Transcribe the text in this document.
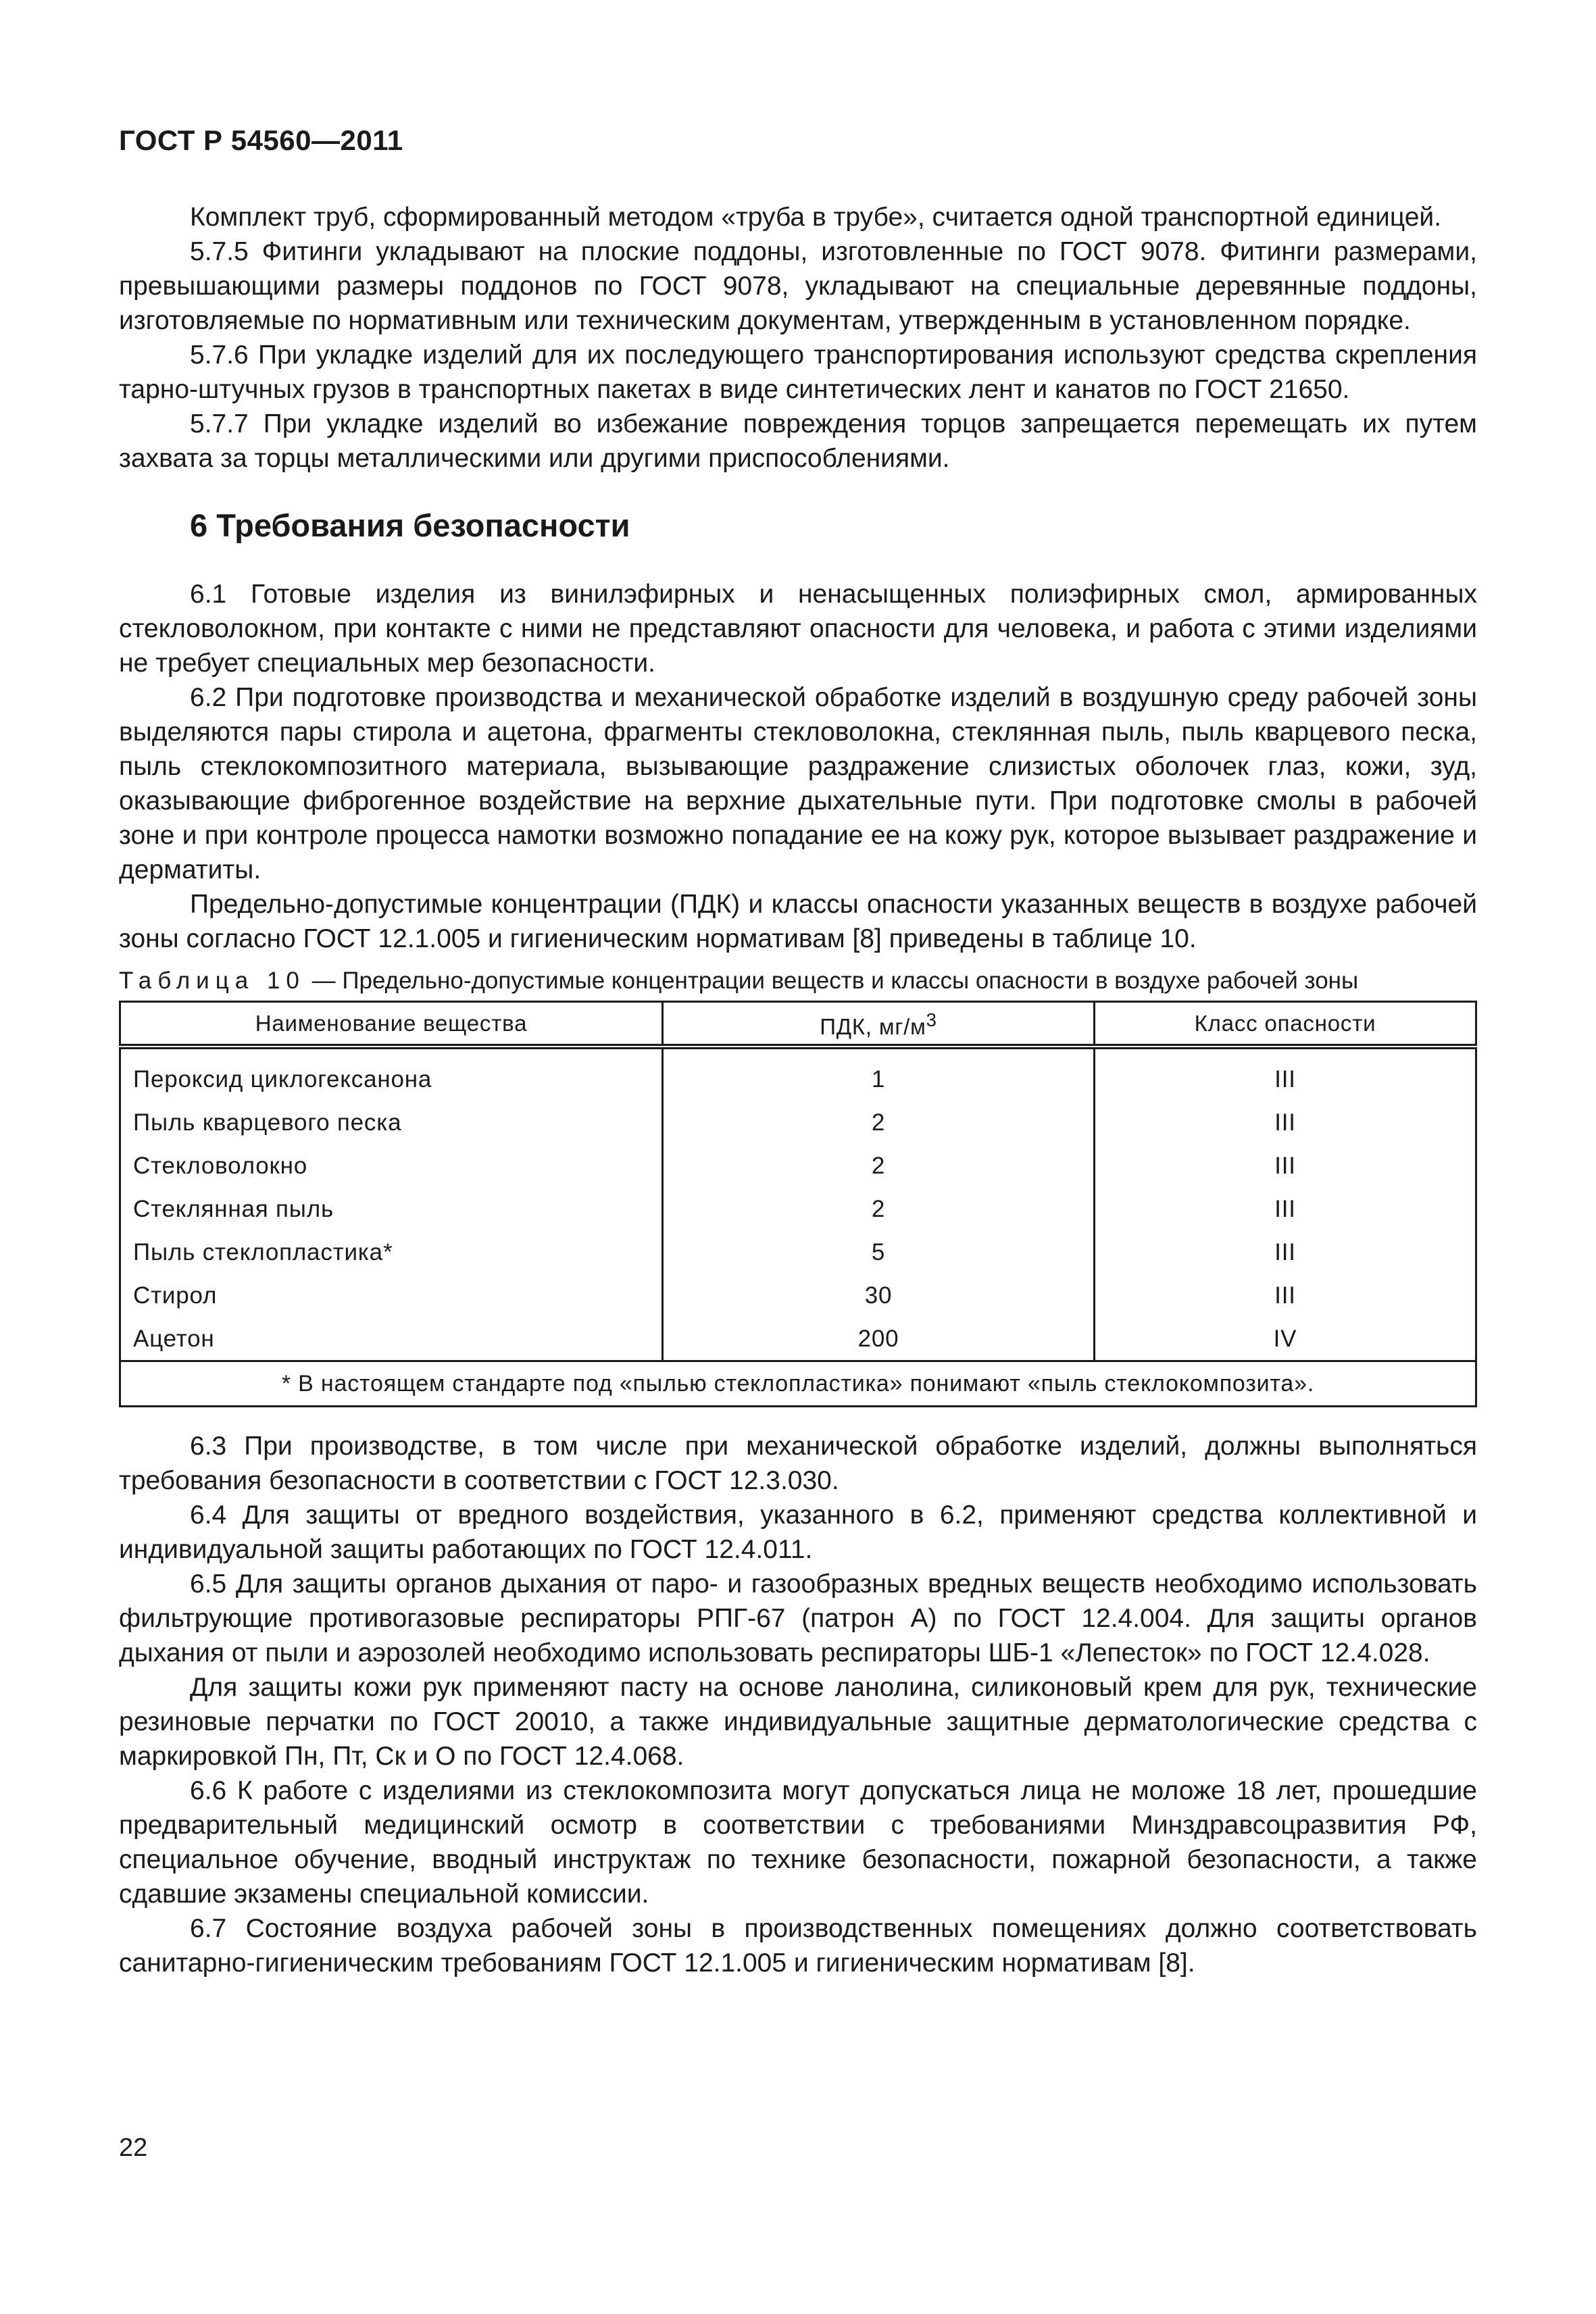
ГОСТ Р 54560—2011

Комплект труб, сформированный методом «труба в трубе», считается одной транспортной единицей.

5.7.5 Фитинги укладывают на плоские поддоны, изготовленные по ГОСТ 9078. Фитинги размерами, превышающими размеры поддонов по ГОСТ 9078, укладывают на специальные деревянные поддоны, изготовляемые по нормативным или техническим документам, утвержденным в установленном порядке.

5.7.6 При укладке изделий для их последующего транспортирования используют средства скрепления тарно-штучных грузов в транспортных пакетах в виде синтетических лент и канатов по ГОСТ 21650.

5.7.7 При укладке изделий во избежание повреждения торцов запрещается перемещать их путем захвата за торцы металлическими или другими приспособлениями.

6 Требования безопасности

6.1 Готовые изделия из винилэфирных и ненасыщенных полиэфирных смол, армированных стекловолокном, при контакте с ними не представляют опасности для человека, и работа с этими изделиями не требует специальных мер безопасности.

6.2 При подготовке производства и механической обработке изделий в воздушную среду рабочей зоны выделяются пары стирола и ацетона, фрагменты стекловолокна, стеклянная пыль, пыль кварцевого песка, пыль стеклокомпозитного материала, вызывающие раздражение слизистых оболочек глаз, кожи, зуд, оказывающие фиброгенное воздействие на верхние дыхательные пути. При подготовке смолы в рабочей зоне и при контроле процесса намотки возможно попадание ее на кожу рук, которое вызывает раздражение и дерматиты.

Предельно-допустимые концентрации (ПДК) и классы опасности указанных веществ в воздухе рабочей зоны согласно ГОСТ 12.1.005 и гигиеническим нормативам [8] приведены в таблице 10.

Таблица 10 — Предельно-допустимые концентрации веществ и классы опасности в воздухе рабочей зоны
Наименование вещества	ПДК, $мг/м^3$	Класс опасности
Пероксид циклогексанона	1	III
Пыль кварцевого песка	2	III
Стекловолокно	2	III
Стеклянная пыль	2	III
Пыль стеклопластика*	5	III
Стирол	30	III
Ацетон	200	IV
* В настоящем стандарте под «пылью стеклопластика» понимают «пыль стеклокомпозита».		

6.3 При производстве, в том числе при механической обработке изделий, должны выполняться требования безопасности в соответствии с ГОСТ 12.3.030.

6.4 Для защиты от вредного воздействия, указанного в 6.2, применяют средства коллективной и индивидуальной защиты работающих по ГОСТ 12.4.011.

6.5 Для защиты органов дыхания от паро- и газообразных вредных веществ необходимо использовать фильтрующие противогазовые респираторы РПГ-67 (патрон А) по ГОСТ 12.4.004. Для защиты органов дыхания от пыли и аэрозолей необходимо использовать респираторы ШБ-1 «Лепесток» по ГОСТ 12.4.028.

Для защиты кожи рук применяют пасту на основе ланолина, силиконовый крем для рук, технические резиновые перчатки по ГОСТ 20010, а также индивидуальные защитные дерматологические средства с маркировкой Пн, Пт, Ск и О по ГОСТ 12.4.068.

6.6 К работе с изделиями из стеклокомпозита могут допускаться лица не моложе 18 лет, прошедшие предварительный медицинский осмотр в соответствии с требованиями Минздравсоцразвития РФ, специальное обучение, вводный инструктаж по технике безопасности, пожарной безопасности, а также сдавшие экзамены специальной комиссии.

6.7 Состояние воздуха рабочей зоны в производственных помещениях должно соответствовать санитарно-гигиеническим требованиям ГОСТ 12.1.005 и гигиеническим нормативам [8].

22
